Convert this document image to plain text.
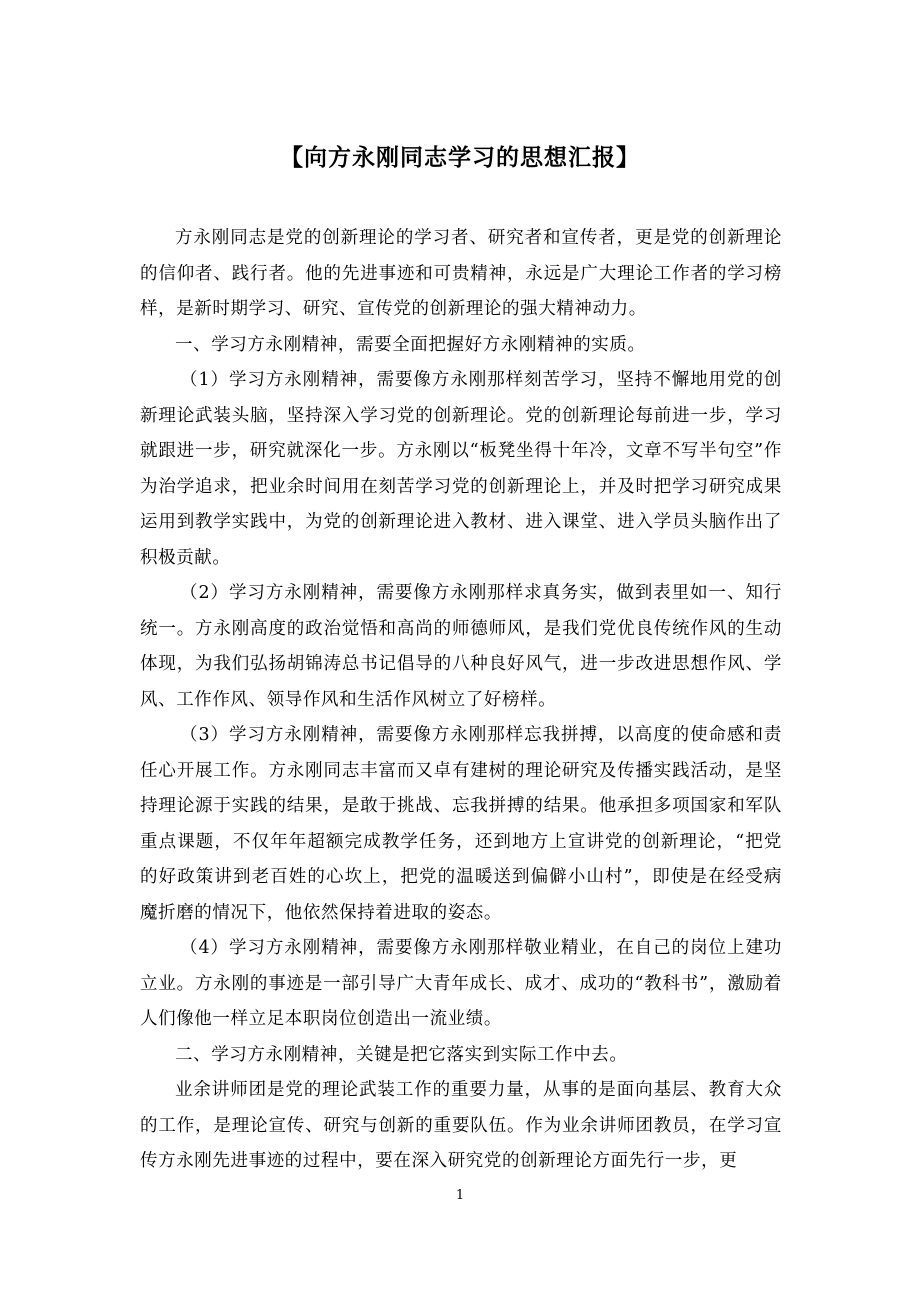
【向方永刚同志学习的思想汇报】

方永刚同志是党的创新理论的学习者、研究者和宣传者，更是党的创新理论的信仰者、践行者。他的先进事迹和可贵精神，永远是广大理论工作者的学习榜样，是新时期学习、研究、宣传党的创新理论的强大精神动力。

一、学习方永刚精神，需要全面把握好方永刚精神的实质。

（1）学习方永刚精神，需要像方永刚那样刻苦学习，坚持不懈地用党的创新理论武装头脑，坚持深入学习党的创新理论。党的创新理论每前进一步，学习就跟进一步，研究就深化一步。方永刚以“板凳坐得十年冷，文章不写半句空”作为治学追求，把业余时间用在刻苦学习党的创新理论上，并及时把学习研究成果运用到教学实践中，为党的创新理论进入教材、进入课堂、进入学员头脑作出了积极贡献。

（2）学习方永刚精神，需要像方永刚那样求真务实，做到表里如一、知行统一。方永刚高度的政治觉悟和高尚的师德师风，是我们党优良传统作风的生动体现，为我们弘扬胡锦涛总书记倡导的八种良好风气，进一步改进思想作风、学风、工作作风、领导作风和生活作风树立了好榜样。

（3）学习方永刚精神，需要像方永刚那样忘我拼搏，以高度的使命感和责任心开展工作。方永刚同志丰富而又卓有建树的理论研究及传播实践活动，是坚持理论源于实践的结果，是敢于挑战、忘我拼搏的结果。他承担多项国家和军队重点课题，不仅年年超额完成教学任务，还到地方上宣讲党的创新理论，“把党的好政策讲到老百姓的心坎上，把党的温暖送到偏僻小山村”，即使是在经受病魔折磨的情况下，他依然保持着进取的姿态。

（4）学习方永刚精神，需要像方永刚那样敬业精业，在自己的岗位上建功立业。方永刚的事迹是一部引导广大青年成长、成才、成功的“教科书”，激励着人们像他一样立足本职岗位创造出一流业绩。

二、学习方永刚精神，关键是把它落实到实际工作中去。

业余讲师团是党的理论武装工作的重要力量，从事的是面向基层、教育大众的工作，是理论宣传、研究与创新的重要队伍。作为业余讲师团教员，在学习宣传方永刚先进事迹的过程中，要在深入研究党的创新理论方面先行一步，更

1
